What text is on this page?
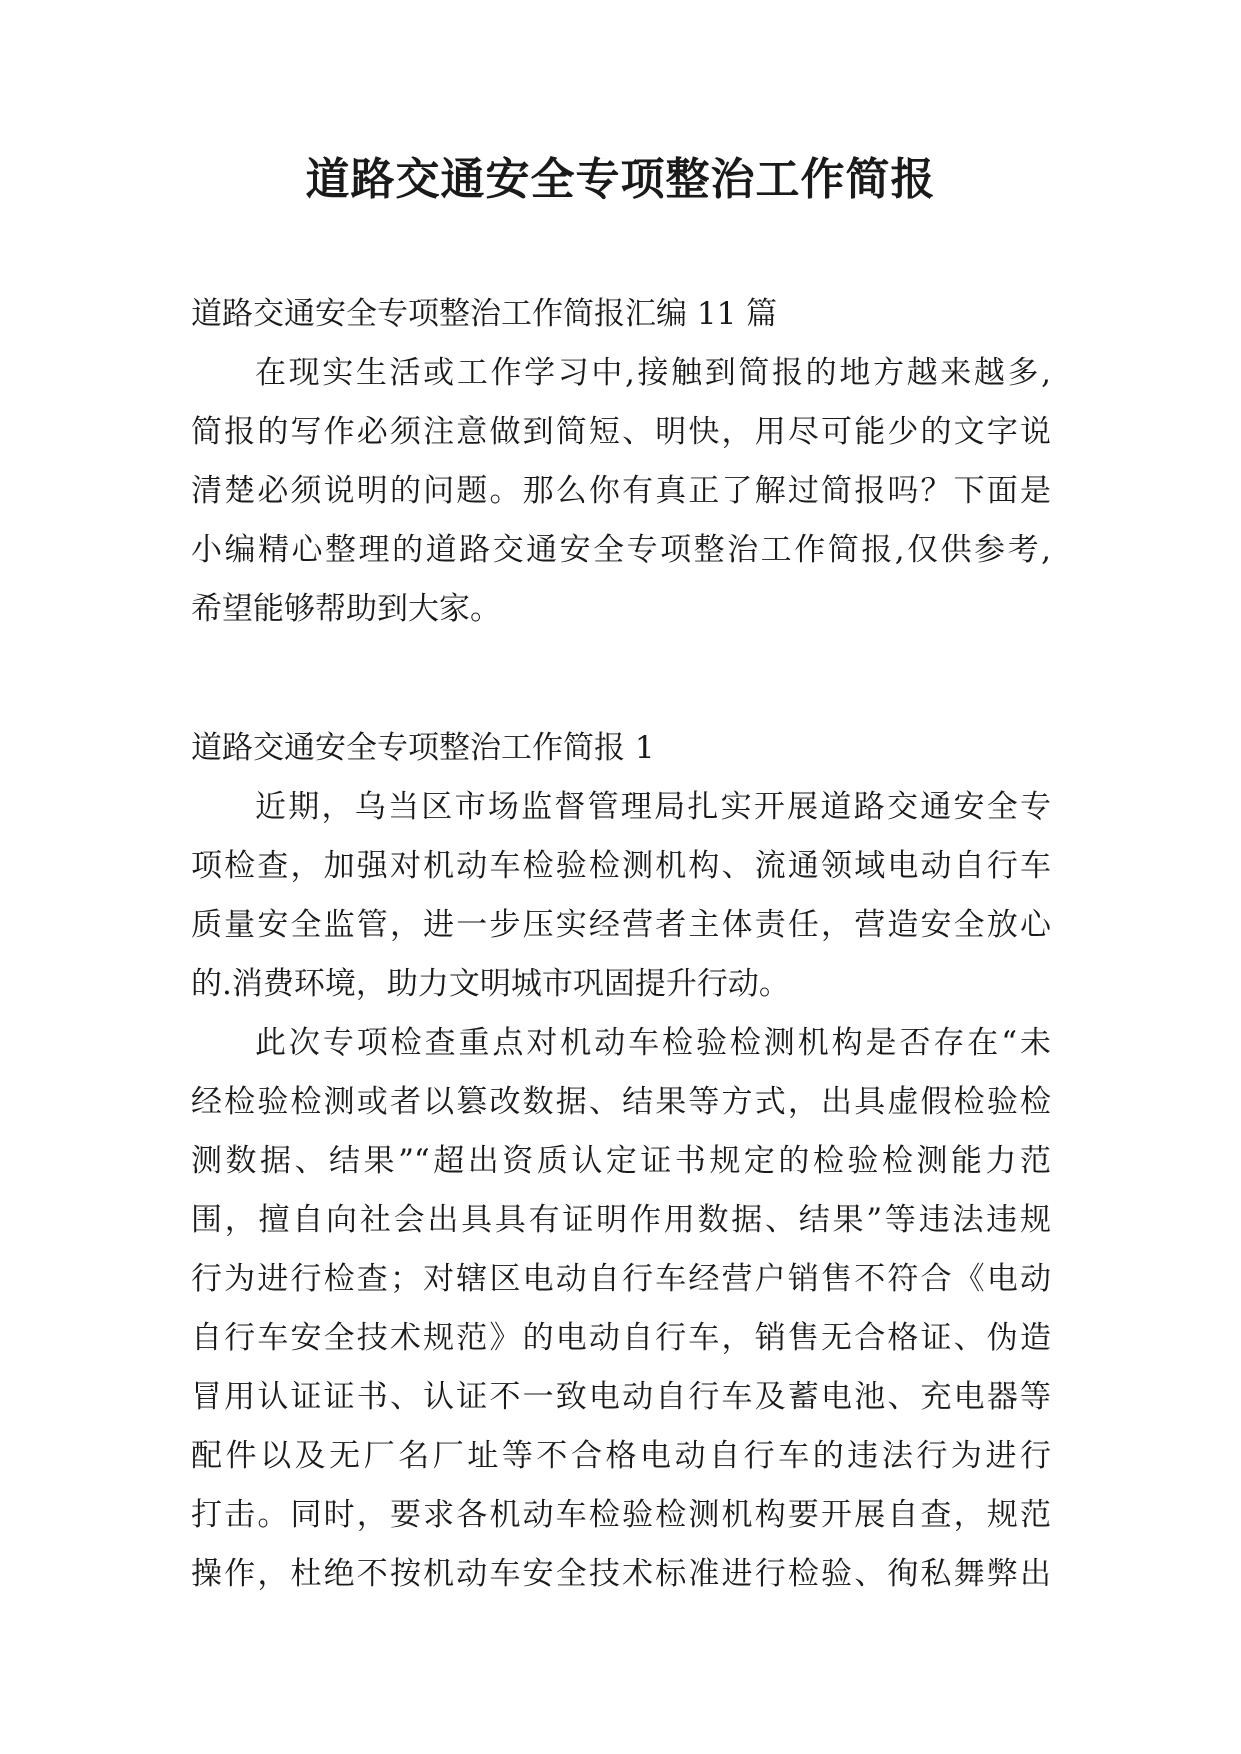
道路交通安全专项整治工作简报
道路交通安全专项整治工作简报汇编 11 篇
在现实生活或工作学习中,接触到简报的地方越来越多,
简报的写作必须注意做到简短、明快，用尽可能少的文字说
清楚必须说明的问题。那么你有真正了解过简报吗？下面是
小编精心整理的道路交通安全专项整治工作简报,仅供参考,
希望能够帮助到大家。
道路交通安全专项整治工作简报 1
近期，乌当区市场监督管理局扎实开展道路交通安全专
项检查，加强对机动车检验检测机构、流通领域电动自行车
质量安全监管，进一步压实经营者主体责任，营造安全放心
的.消费环境，助力文明城市巩固提升行动。
此次专项检查重点对机动车检验检测机构是否存在“未
经检验检测或者以篡改数据、结果等方式，出具虚假检验检
测数据、结果”“超出资质认定证书规定的检验检测能力范
围，擅自向社会出具具有证明作用数据、结果”等违法违规
行为进行检查；对辖区电动自行车经营户销售不符合《电动
自行车安全技术规范》的电动自行车，销售无合格证、伪造
冒用认证证书、认证不一致电动自行车及蓄电池、充电器等
配件以及无厂名厂址等不合格电动自行车的违法行为进行
打击。同时，要求各机动车检验检测机构要开展自查，规范
操作，杜绝不按机动车安全技术标准进行检验、徇私舞弊出
